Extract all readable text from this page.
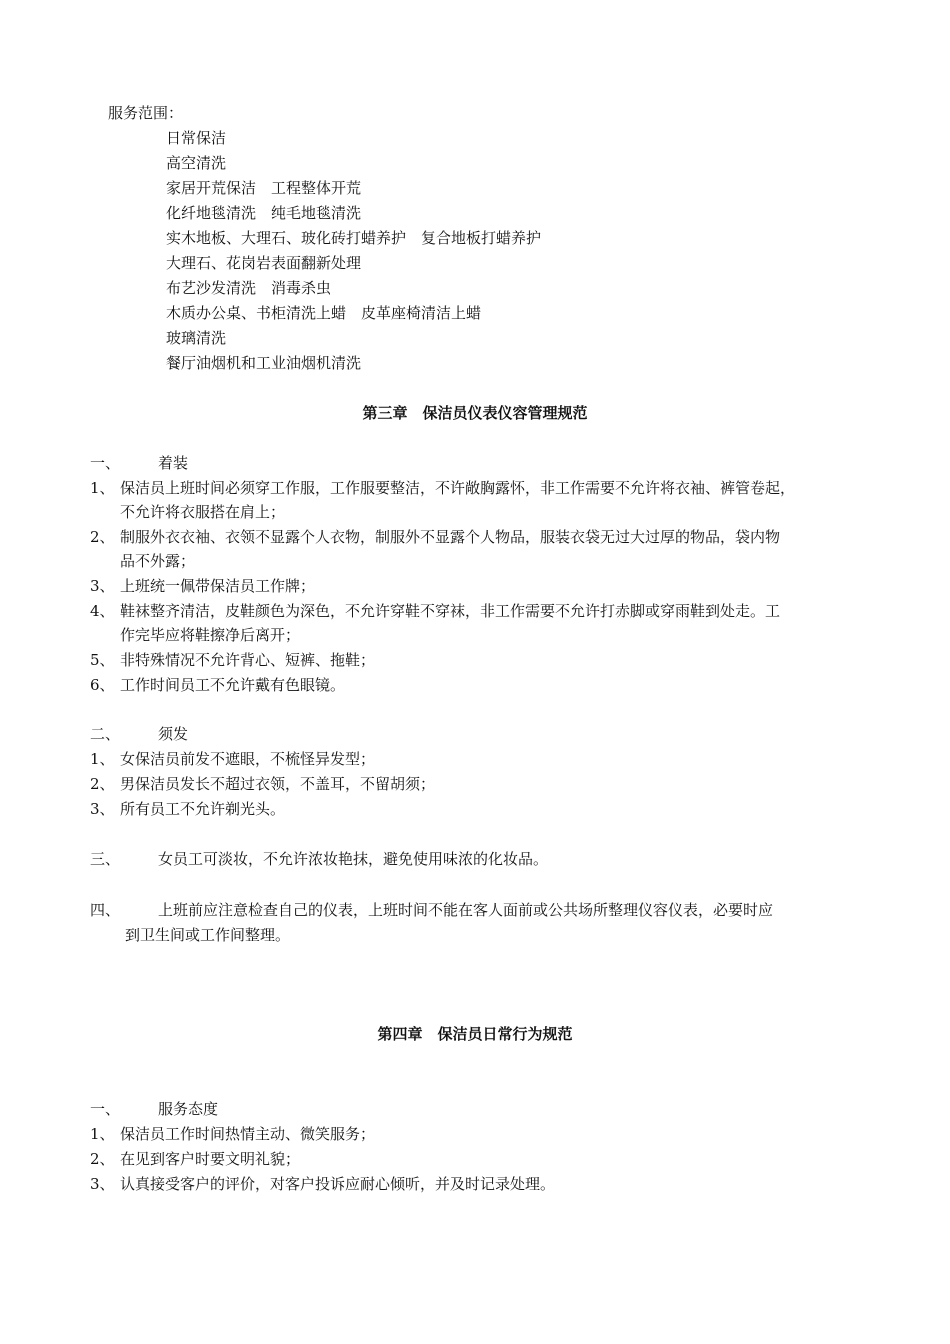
服务范围：
日常保洁
高空清洗
家居开荒保洁　工程整体开荒
化纤地毯清洗　纯毛地毯清洗
实木地板、大理石、玻化砖打蜡养护　复合地板打蜡养护
大理石、花岗岩表面翻新处理
布艺沙发清洗　消毒杀虫
木质办公桌、书柜清洗上蜡　皮革座椅清洁上蜡
玻璃清洗
餐厅油烟机和工业油烟机清洗
第三章　保洁员仪表仪容管理规范
一、	着装
1、 保洁员上班时间必须穿工作服，工作服要整洁，不许敞胸露怀，非工作需要不允许将衣袖、裤管卷起，
不允许将衣服搭在肩上；
2、 制服外衣衣袖、衣领不显露个人衣物，制服外不显露个人物品，服装衣袋无过大过厚的物品，袋内物
品不外露；
3、 上班统一佩带保洁员工作牌；
4、 鞋袜整齐清洁，皮鞋颜色为深色，不允许穿鞋不穿袜，非工作需要不允许打赤脚或穿雨鞋到处走。工
作完毕应将鞋擦净后离开；
5、 非特殊情况不允许背心、短裤、拖鞋；
6、 工作时间员工不允许戴有色眼镜。
二、	须发
1、 女保洁员前发不遮眼，不梳怪异发型；
2、 男保洁员发长不超过衣领，不盖耳，不留胡须；
3、 所有员工不允许剃光头。
三、	女员工可淡妆，不允许浓妆艳抹，避免使用味浓的化妆品。
四、	上班前应注意检查自己的仪表，上班时间不能在客人面前或公共场所整理仪容仪表，必要时应
到卫生间或工作间整理。
第四章　保洁员日常行为规范
一、	服务态度
1、 保洁员工作时间热情主动、微笑服务；
2、 在见到客户时要文明礼貌；
3、 认真接受客户的评价，对客户投诉应耐心倾听，并及时记录处理。
